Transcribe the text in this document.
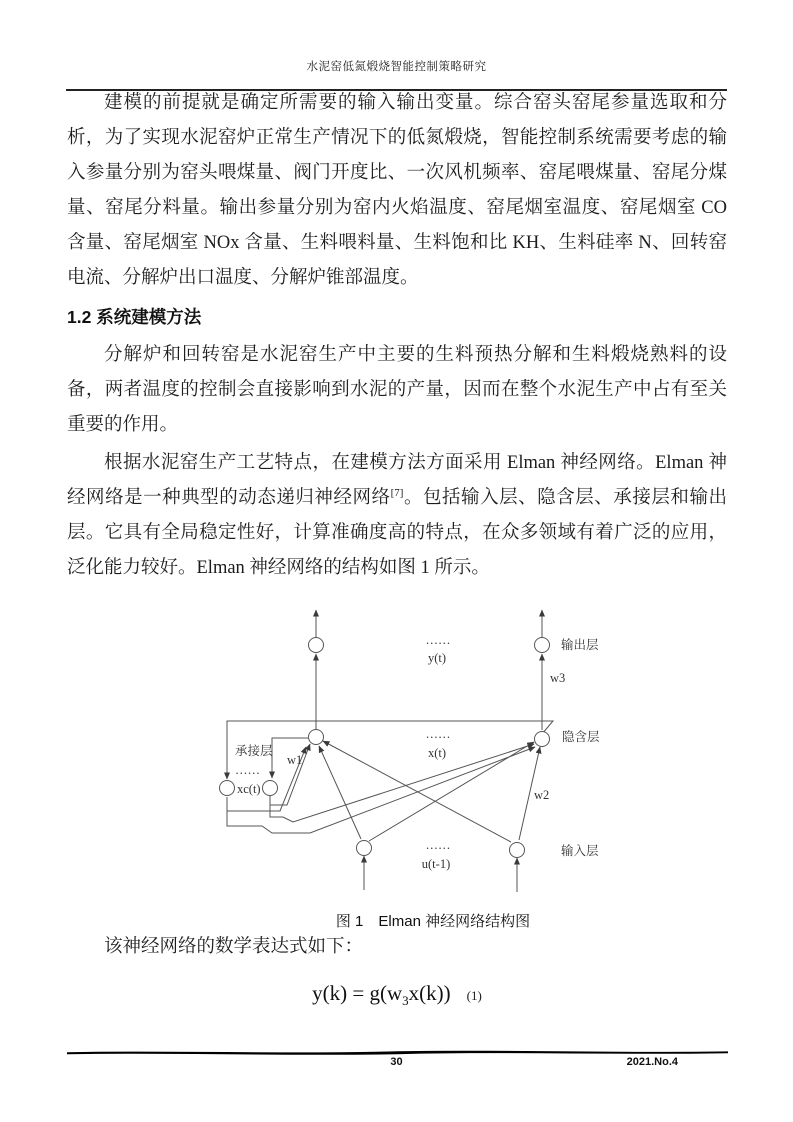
水泥窑低氮煅烧智能控制策略研究
建模的前提就是确定所需要的输入输出变量。综合窑头窑尾参量选取和分析，为了实现水泥窑炉正常生产情况下的低氮煅烧，智能控制系统需要考虑的输入参量分别为窑头喂煤量、阀门开度比、一次风机频率、窑尾喂煤量、窑尾分煤量、窑尾分料量。输出参量分别为窑内火焰温度、窑尾烟室温度、窑尾烟室 CO 含量、窑尾烟室 NOx 含量、生料喂料量、生料饱和比 KH、生料硅率 N、回转窑电流、分解炉出口温度、分解炉锥部温度。
1.2 系统建模方法
分解炉和回转窑是水泥窑生产中主要的生料预热分解和生料煅烧熟料的设备，两者温度的控制会直接影响到水泥的产量，因而在整个水泥生产中占有至关重要的作用。
根据水泥窑生产工艺特点，在建模方法方面采用 Elman 神经网络。Elman 神经网络是一种典型的动态递归神经网络[7]。包括输入层、隐含层、承接层和输出层。它具有全局稳定性好，计算准确度高的特点，在众多领域有着广泛的应用，泛化能力较好。Elman 神经网络的结构如图 1 所示。
……
y(t)
输出层
w3
……
x(t)
隐含层
承接层
……
xc(t)
w1
w2
……
u(t-1)
输入层
图 1　Elman 神经网络结构图
该神经网络的数学表达式如下：
$y(k) = g(w_3x(k))$ (1)
30	2021.No.4
